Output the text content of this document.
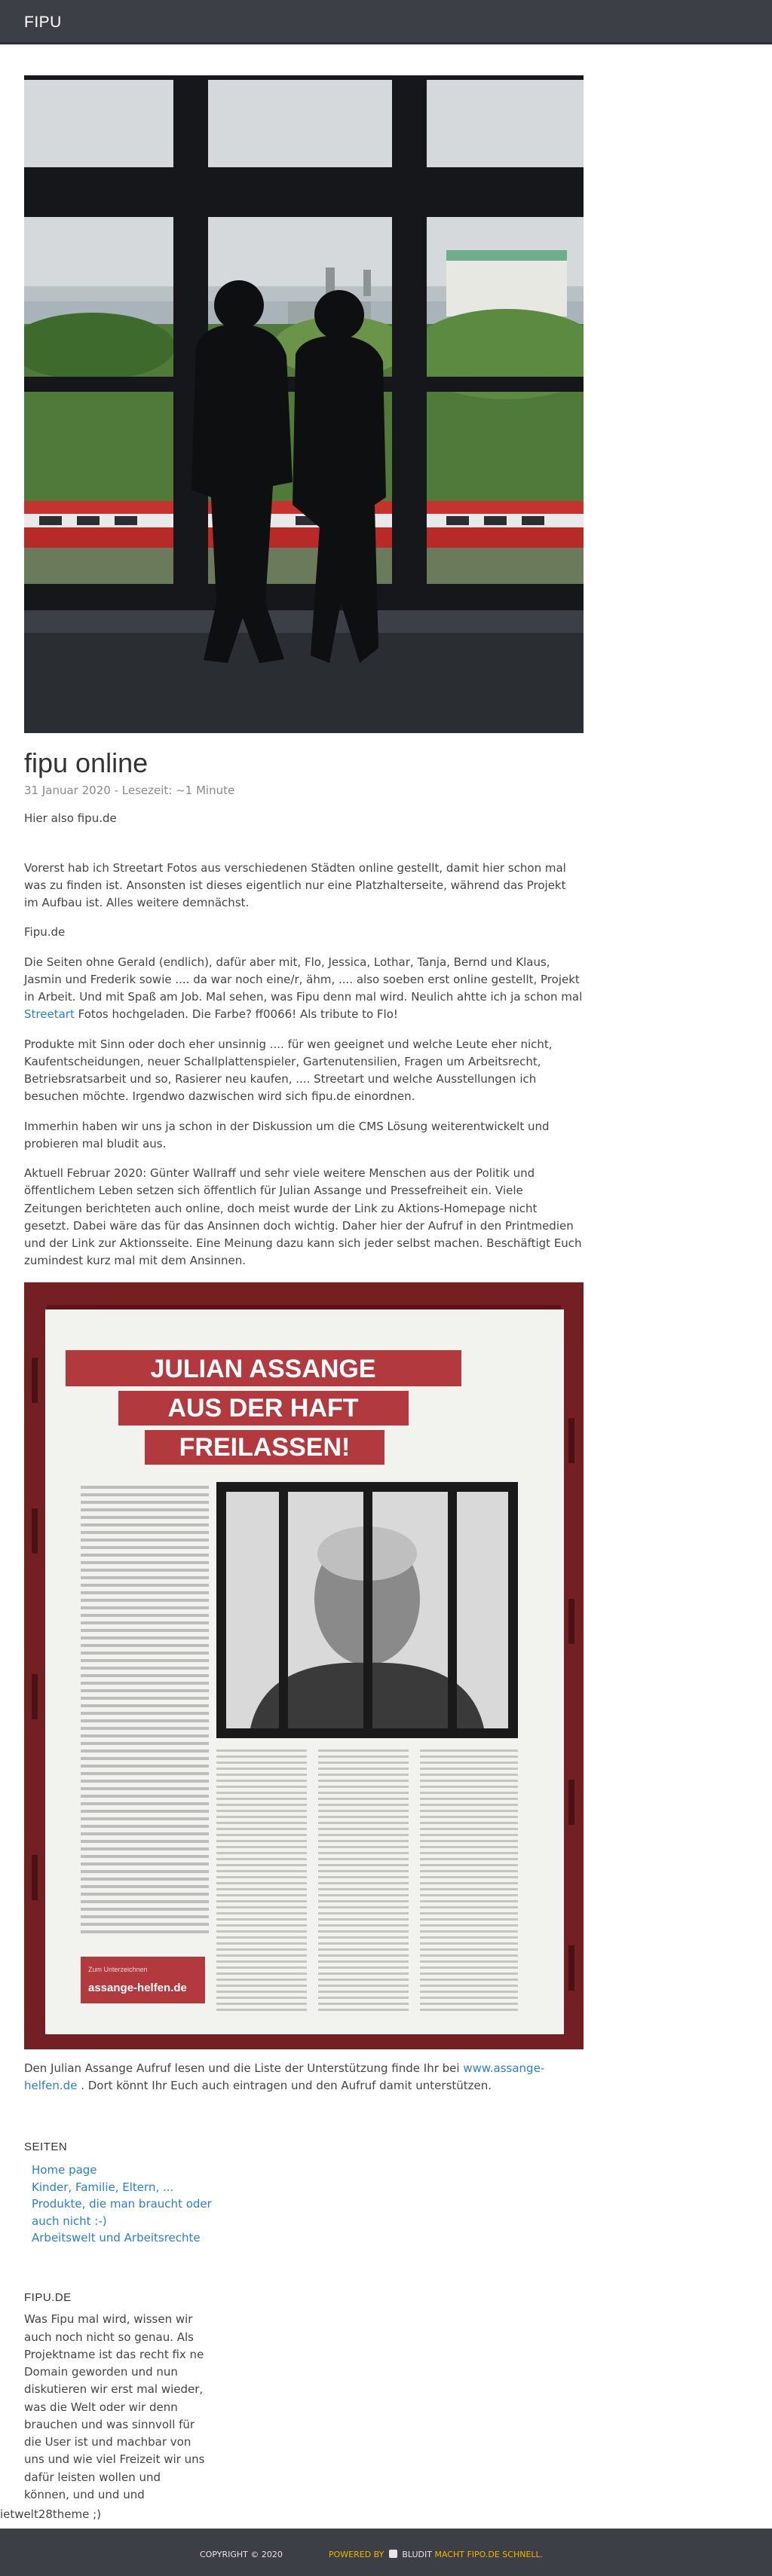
FIPU
fipu online
31 Januar 2020 - Lesezeit: ~1 Minute

Hier also fipu.de

Vorerst hab ich Streetart Fotos aus verschiedenen Städten online gestellt, damit hier schon mal was zu finden ist. Ansonsten ist dieses eigentlich nur eine Platzhalterseite, während das Projekt im Aufbau ist. Alles weitere demnächst.

Fipu.de

Die Seiten ohne Gerald (endlich), dafür aber mit, Flo, Jessica, Lothar, Tanja, Bernd und Klaus, Jasmin und Frederik sowie .... da war noch eine/r, ähm, .... also soeben erst online gestellt, Projekt in Arbeit. Und mit Spaß am Job. Mal sehen, was Fipu denn mal wird. Neulich ahtte ich ja schon mal Streetart Fotos hochgeladen. Die Farbe? ff0066! Als tribute to Flo!

Produkte mit Sinn oder doch eher unsinnig .... für wen geeignet und welche Leute eher nicht, Kaufentscheidungen, neuer Schallplattenspieler, Gartenutensilien, Fragen um Arbeitsrecht, Betriebsratsarbeit und so, Rasierer neu kaufen, .... Streetart und welche Ausstellungen ich besuchen möchte. Irgendwo dazwischen wird sich fipu.de einordnen.

Immerhin haben wir uns ja schon in der Diskussion um die CMS Lösung weiterentwickelt und probieren mal bludit aus.

Aktuell Februar 2020: Günter Wallraff und sehr viele weitere Menschen aus der Politik und öffentlichem Leben setzen sich öffentlich für Julian Assange und Pressefreiheit ein. Viele Zeitungen berichteten auch online, doch meist wurde der Link zu Aktions-Homepage nicht gesetzt. Dabei wäre das für das Ansinnen doch wichtig. Daher hier der Aufruf in den Printmedien und der Link zur Aktionsseite. Eine Meinung dazu kann sich jeder selbst machen. Beschäftigt Euch zumindest kurz mal mit dem Ansinnen.

JULIAN ASSANGE
AUS DER HAFT
FREILASSEN!
Zum Unterzeichnen
assange-helfen.de

Den Julian Assange Aufruf lesen und die Liste der Unterstützung finde Ihr bei www.assange-helfen.de . Dort könnt Ihr Euch auch eintragen und den Aufruf damit unterstützen.

SEITEN
Home page
Kinder, Familie, Eltern, ...
Produkte, die man braucht oder auch nicht :-)
Arbeitswelt und Arbeitsrechte
FIPU.DE
Was Fipu mal wird, wissen wir auch noch nicht so genau. Als Projektname ist das recht fix ne Domain geworden und nun diskutieren wir erst mal wieder, was die Welt oder wir denn brauchen und was sinnvoll für die User ist und machbar von uns und wie viel Freizeit wir uns dafür leisten wollen und können, und und und
ietwelt28theme ;)
COPYRIGHT © 2020	POWERED BY BLUDIT MACHT FIPO.DE SCHNELL.
